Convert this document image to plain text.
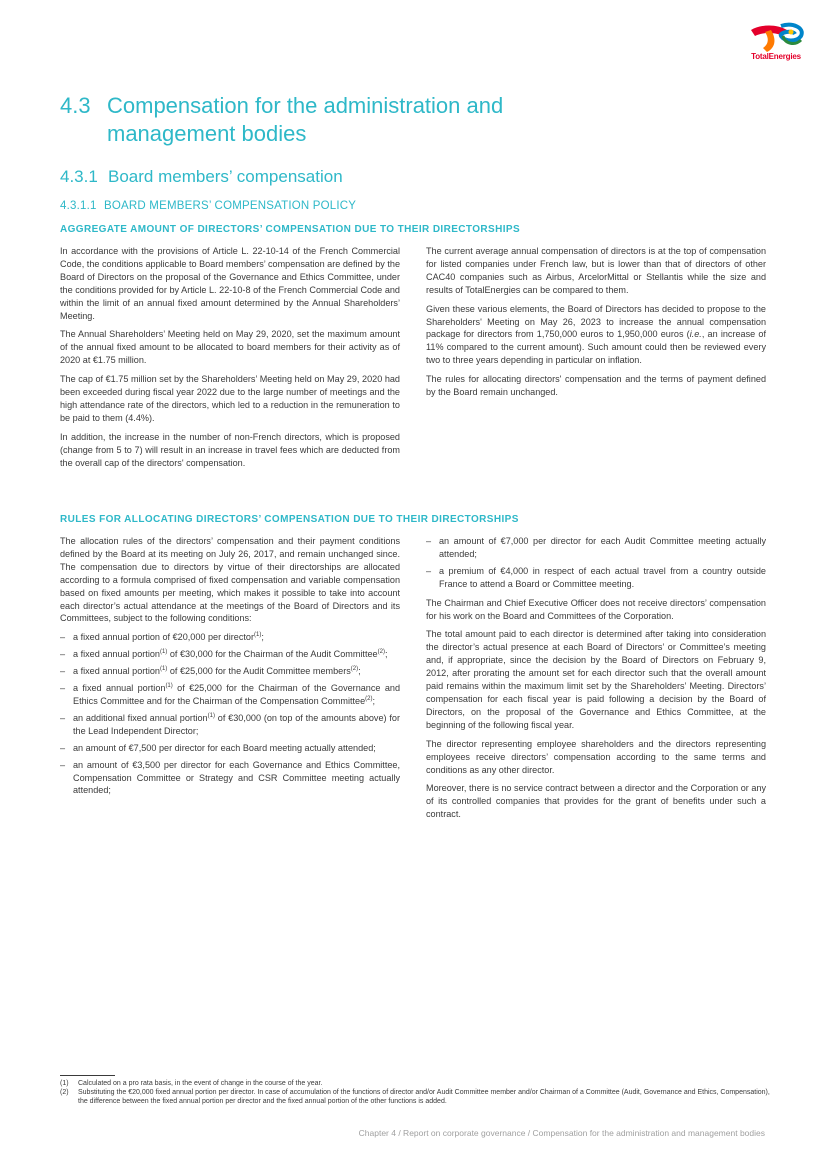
TotalEnergies
4.3 Compensation for the administration and
management bodies
4.3.1 Board members’ compensation
4.3.1.1 BOARD MEMBERS’ COMPENSATION POLICY
AGGREGATE AMOUNT OF DIRECTORS’ COMPENSATION DUE TO THEIR DIRECTORSHIPS

In accordance with the provisions of Article L. 22-10-14 of the French Commercial Code, the conditions applicable to Board members’ compensation are defined by the Board of Directors on the proposal of the Governance and Ethics Committee, under the conditions provided for by Article L. 22-10-8 of the French Commercial Code and within the limit of an annual fixed amount determined by the Annual Shareholders’ Meeting.

The Annual Shareholders’ Meeting held on May 29, 2020, set the maximum amount of the annual fixed amount to be allocated to board members for their activity as of 2020 at €1.75 million.

The cap of €1.75 million set by the Shareholders’ Meeting held on May 29, 2020 had been exceeded during fiscal year 2022 due to the large number of meetings and the high attendance rate of the directors, which led to a reduction in the remuneration to be paid to them (4.4%).

In addition, the increase in the number of non-French directors, which is proposed (change from 5 to 7) will result in an increase in travel fees which are deducted from the overall cap of the directors' compensation.

The current average annual compensation of directors is at the top of compensation for listed companies under French law, but is lower than that of directors of other CAC40 companies such as Airbus, ArcelorMittal or Stellantis while the size and results of TotalEnergies can be compared to them.

Given these various elements, the Board of Directors has decided to propose to the Shareholders' Meeting on May 26, 2023 to increase the annual compensation package for directors from 1,750,000 euros to 1,950,000 euros (i.e., an increase of 11% compared to the current amount). Such amount could then be reviewed every two to three years depending in particular on inflation.

The rules for allocating directors' compensation and the terms of payment defined by the Board remain unchanged.

RULES FOR ALLOCATING DIRECTORS’ COMPENSATION DUE TO THEIR DIRECTORSHIPS

The allocation rules of the directors’ compensation and their payment conditions defined by the Board at its meeting on July 26, 2017, and remain unchanged since. The compensation due to directors by virtue of their directorships are allocated according to a formula comprised of fixed compensation and variable compensation based on fixed amounts per meeting, which makes it possible to take into account each director’s actual attendance at the meetings of the Board of Directors and its Committees, subject to the following conditions:

– a fixed annual portion of €20,000 per director$^{(1)}$;
– a fixed annual portion$^{(1)}$ of €30,000 for the Chairman of the Audit Committee$^{(2)}$;
– a fixed annual portion$^{(1)}$ of €25,000 for the Audit Committee members$^{(2)}$;
– a fixed annual portion$^{(1)}$ of €25,000 for the Chairman of the Governance and Ethics Committee and for the Chairman of the Compensation Committee$^{(2)}$;
– an additional fixed annual portion$^{(1)}$ of €30,000 (on top of the amounts above) for the Lead Independent Director;
– an amount of €7,500 per director for each Board meeting actually attended;
– an amount of €3,500 per director for each Governance and Ethics Committee, Compensation Committee or Strategy and CSR Committee meeting actually attended;
– an amount of €7,000 per director for each Audit Committee meeting actually attended;
– a premium of €4,000 in respect of each actual travel from a country outside France to attend a Board or Committee meeting.

The Chairman and Chief Executive Officer does not receive directors’ compensation for his work on the Board and Committees of the Corporation.

The total amount paid to each director is determined after taking into consideration the director’s actual presence at each Board of Directors’ or Committee’s meeting and, if appropriate, since the decision by the Board of Directors on February 9, 2012, after prorating the amount set for each director such that the overall amount paid remains within the maximum limit set by the Shareholders’ Meeting. Directors’ compensation for each fiscal year is paid following a decision by the Board of Directors, on the proposal of the Governance and Ethics Committee, at the beginning of the following fiscal year.

The director representing employee shareholders and the directors representing employees receive directors’ compensation according to the same terms and conditions as any other director.

Moreover, there is no service contract between a director and the Corporation or any of its controlled companies that provides for the grant of benefits under such a contract.

(1) Calculated on a pro rata basis, in the event of change in the course of the year.
(2) Substituting the €20,000 fixed annual portion per director. In case of accumulation of the functions of director and/or Audit Committee member and/or Chairman of a Committee (Audit, Governance and Ethics, Compensation), the difference between the fixed annual portion per director and the fixed annual portion of the other functions is added.
Chapter 4 / Report on corporate governance / Compensation for the administration and management bodies
